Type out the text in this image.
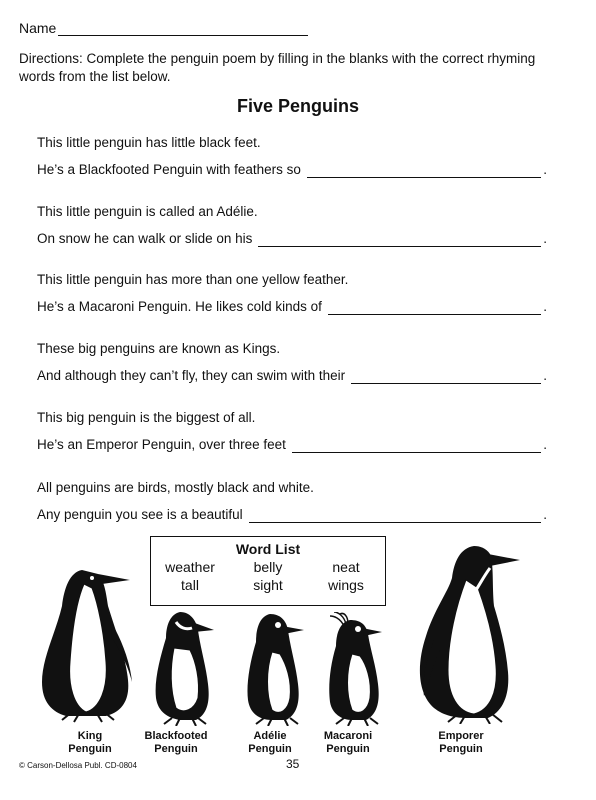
Name
Directions: Complete the penguin poem by filling in the blanks with the correct rhyming words from the list below.
Five Penguins
This little penguin has little black feet.
He’s a Blackfooted Penguin with feathers so	.
This little penguin is called an Adélie.
On snow he can walk or slide on his	.
This little penguin has more than one yellow feather.
He’s a Macaroni Penguin. He likes cold kinds of	.
These big penguins are known as Kings.
And although they can’t fly, they can swim with their	.
This big penguin is the biggest of all.
He’s an Emperor Penguin, over three feet	.
All penguins are birds, mostly black and white.
Any penguin you see is a beautiful	.
Word List
weather	belly	neat
tall	sight	wings
King
Penguin
Blackfooted
Penguin
Adélie
Penguin
Macaroni
Penguin
Emporer
Penguin
© Carson-Dellosa Publ. CD-0804	35
